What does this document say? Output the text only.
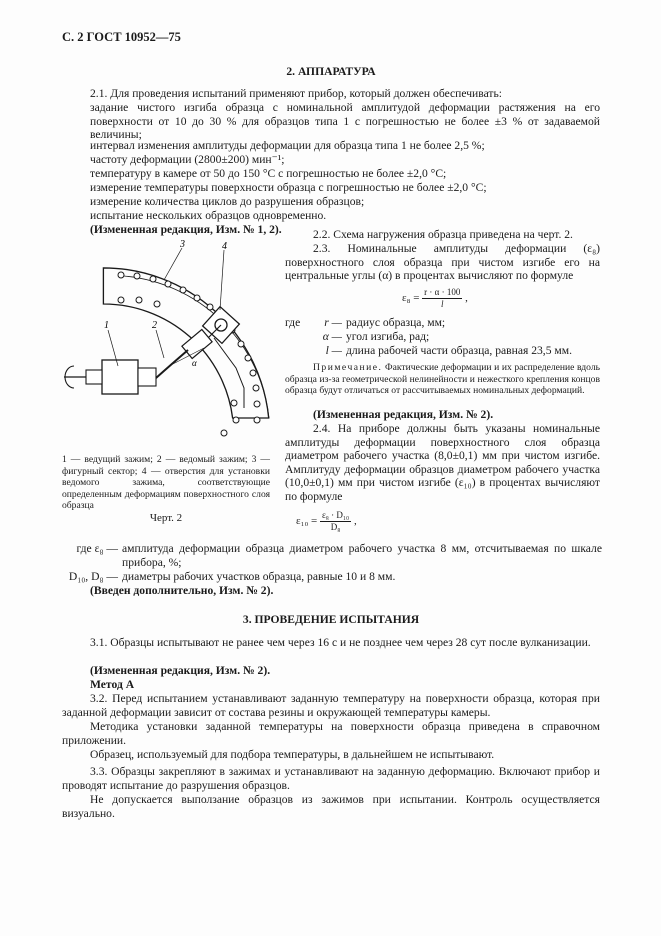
С. 2 ГОСТ 10952—75
2. АППАРАТУРА
2.1. Для проведения испытаний применяют прибор, который должен обеспечивать:
задание чистого изгиба образца с номинальной амплитудой деформации растяжения на его поверхности от 10 до 30 % для образцов типа 1 с погрешностью не более ±3 % от задаваемой величины;
интервал изменения амплитуды деформации для образца типа 1 не более 2,5 %;
частоту деформации (2800±200) мин⁻¹;
температуру в камере от 50 до 150 °С с погрешностью не более ±2,0 °С;
измерение температуры поверхности образца с погрешностью не более ±2,0 °С;
измерение количества циклов до разрушения образцов;
испытание нескольких образцов одновременно.
(Измененная редакция, Изм. № 1, 2).
α
1	2
3	4
1 — ведущий зажим; 2 — ведомый зажим; 3 — фигурный сектор; 4 — отверстия для установки ведомого зажима, соответствующие определенным деформациям поверхностного слоя образца
Черт. 2
2.2. Схема нагружения образца приведена на черт. 2.
2.3. Номинальные амплитуды деформации (ε₈) поверхностного слоя образца при чистом изгибе его на центральные углы (α) в процентах вычисляют по формуле
$\varepsilon_8 = \frac{r \cdot \alpha \cdot 100}{l}$ ,
где r —	радиус образца, мм;
α —	угол изгиба, рад;
l —	длина рабочей части образца, равная 23,5 мм.
Примечание. Фактические деформации и их распределение вдоль образца из-за геометрической нелинейности и нежесткого крепления концов образца будут отличаться от рассчитываемых номинальных деформаций.
(Измененная редакция, Изм. № 2).
2.4. На приборе должны быть указаны номинальные амплитуды деформации поверхностного слоя образца диаметром рабочего участка (8,0±0,1) мм при чистом изгибе. Амплитуду деформации образцов диаметром рабочего участка (10,0±0,1) мм при чистом изгибе (ε₁₀) в процентах вычисляют по формуле
$\varepsilon_{10} = \frac{\text{ε₈ · D₁₀}}{\text{D₈}}$ ,
где ε₈ —	амплитуда деформации образца диаметром рабочего участка 8 мм, отсчитываемая по шкале прибора, %;
D₁₀, D₈ —	диаметры рабочих участков образца, равные 10 и 8 мм.
(Введен дополнительно, Изм. № 2).
3. ПРОВЕДЕНИЕ ИСПЫТАНИЯ
3.1. Образцы испытывают не ранее чем через 16 с и не позднее чем через 28 сут после вулканизации.
(Измененная редакция, Изм. № 2).
Метод А
3.2. Перед испытанием устанавливают заданную температуру на поверхности образца, которая при заданной деформации зависит от состава резины и окружающей температуры камеры.
Методика установки заданной температуры на поверхности образца приведена в справочном приложении.
Образец, используемый для подбора температуры, в дальнейшем не испытывают.
3.3. Образцы закрепляют в зажимах и устанавливают на заданную деформацию. Включают прибор и проводят испытание до разрушения образцов.
Не допускается выползание образцов из зажимов при испытании. Контроль осуществляется визуально.
